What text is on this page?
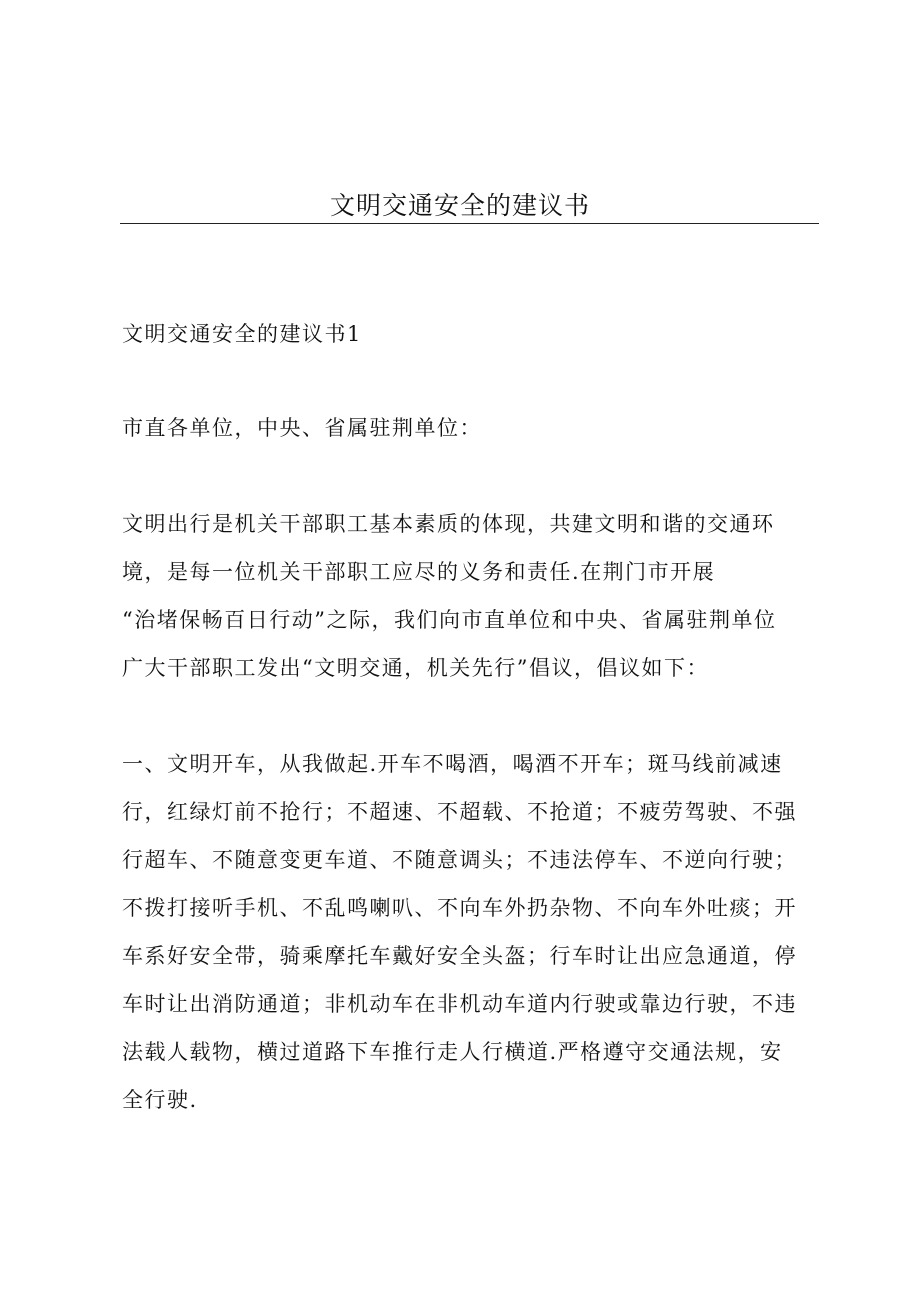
文明交通安全的建议书

文明交通安全的建议书1

市直各单位，中央、省属驻荆单位：

文明出行是机关干部职工基本素质的体现，共建文明和谐的交通环
境，是每一位机关干部职工应尽的义务和责任.在荆门市开展
“治堵保畅百日行动”之际，我们向市直单位和中央、省属驻荆单位
广大干部职工发出“文明交通，机关先行”倡议，倡议如下：
一、文明开车，从我做起.开车不喝酒，喝酒不开车；斑马线前减速
行，红绿灯前不抢行；不超速、不超载、不抢道；不疲劳驾驶、不强
行超车、不随意变更车道、不随意调头；不违法停车、不逆向行驶；
不拨打接听手机、不乱鸣喇叭、不向车外扔杂物、不向车外吐痰；开
车系好安全带，骑乘摩托车戴好安全头盔；行车时让出应急通道，停
车时让出消防通道；非机动车在非机动车道内行驶或靠边行驶，不违
法载人载物，横过道路下车推行走人行横道.严格遵守交通法规，安
全行驶.
